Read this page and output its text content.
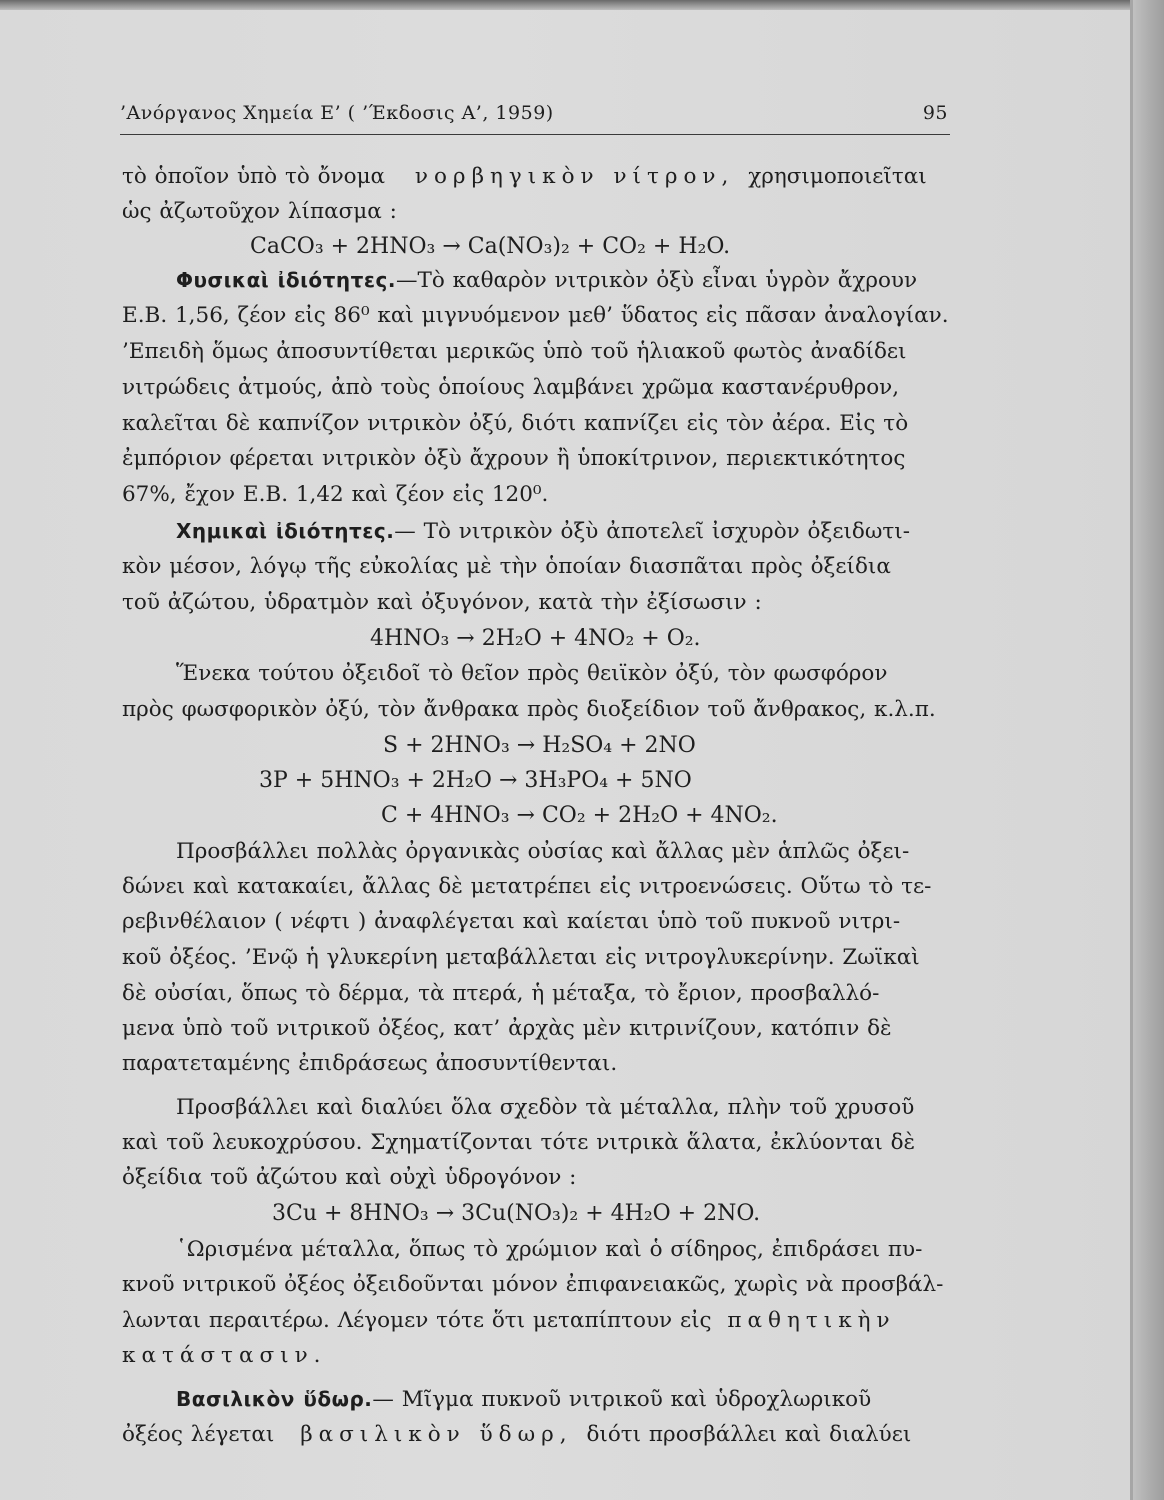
’Ανόργανος Χημεία Ε’ ( ’Έκδοσις Α’, 1959)	95
τὸ ὁποῖον ὑπὸ τὸ ὄνομα νορβηγικὸν νίτρον, χρησιμοποιεῖται
ὡς ἀζωτοῦχον λίπασμα :
CaCO₃ + 2HNO₃ → Ca(NO₃)₂ + CO₂ + H₂O.
Φυσικαὶ ἰδιότητες.—Τὸ καθαρὸν νιτρικὸν ὀξὺ εἶναι ὑγρὸν ἄχρουν
Ε.Β. 1,56, ζέον εἰς 86⁰ καὶ μιγνυόμενον μεθ’ ὕδατος εἰς πᾶσαν ἀναλογίαν.
’Επειδὴ ὅμως ἀποσυντίθεται μερικῶς ὑπὸ τοῦ ἡλιακοῦ φωτὸς ἀναδίδει
νιτρώδεις ἀτμούς, ἀπὸ τοὺς ὁποίους λαμβάνει χρῶμα καστανέρυθρον,
καλεῖται δὲ καπνίζον νιτρικὸν ὀξύ, διότι καπνίζει εἰς τὸν ἀέρα. Εἰς τὸ
ἐμπόριον φέρεται νιτρικὸν ὀξὺ ἄχρουν ἢ ὑποκίτρινον, περιεκτικότητος
67%, ἔχον Ε.Β. 1,42 καὶ ζέον εἰς 120⁰.
Χημικαὶ ἰδιότητες.— Τὸ νιτρικὸν ὀξὺ ἀποτελεῖ ἰσχυρὸν ὀξειδωτι-
κὸν μέσον, λόγῳ τῆς εὐκολίας μὲ τὴν ὁποίαν διασπᾶται πρὸς ὀξείδια
τοῦ ἀζώτου, ὑδρατμὸν καὶ ὀξυγόνον, κατὰ τὴν ἐξίσωσιν :
4HNO₃ → 2H₂O + 4NO₂ + O₂.
Ἕνεκα τούτου ὀξειδοῖ τὸ θεῖον πρὸς θειϊκὸν ὀξύ, τὸν φωσφόρον
πρὸς φωσφορικὸν ὀξύ, τὸν ἄνθρακα πρὸς διοξείδιον τοῦ ἄνθρακος, κ.λ.π.
S + 2HNO₃ → H₂SO₄ + 2NO
3P + 5HNO₃ + 2H₂O → 3H₃PO₄ + 5NO
C + 4HNO₃ → CO₂ + 2H₂O + 4NO₂.
Προσβάλλει πολλὰς ὀργανικὰς οὐσίας καὶ ἄλλας μὲν ἁπλῶς ὀξει-
δώνει καὶ κατακαίει, ἄλλας δὲ μετατρέπει εἰς νιτροενώσεις. Οὕτω τὸ τε-
ρεβινθέλαιον ( νέφτι ) ἀναφλέγεται καὶ καίεται ὑπὸ τοῦ πυκνοῦ νιτρι-
κοῦ ὀξέος. ’Ενῷ ἡ γλυκερίνη μεταβάλλεται εἰς νιτρογλυκερίνην. Ζωϊκαὶ
δὲ οὐσίαι, ὅπως τὸ δέρμα, τὰ πτερά, ἡ μέταξα, τὸ ἔριον, προσβαλλό-
μενα ὑπὸ τοῦ νιτρικοῦ ὀξέος, κατ’ ἀρχὰς μὲν κιτρινίζουν, κατόπιν δὲ
παρατεταμένης ἐπιδράσεως ἀποσυντίθενται.
Προσβάλλει καὶ διαλύει ὅλα σχεδὸν τὰ μέταλλα, πλὴν τοῦ χρυσοῦ
καὶ τοῦ λευκοχρύσου. Σχηματίζονται τότε νιτρικὰ ἅλατα, ἐκλύονται δὲ
ὀξείδια τοῦ ἀζώτου καὶ οὐχὶ ὑδρογόνον :
3Cu + 8HNO₃ → 3Cu(NO₃)₂ + 4H₂O + 2NO.
῾Ωρισμένα μέταλλα, ὅπως τὸ χρώμιον καὶ ὁ σίδηρος, ἐπιδράσει πυ-
κνοῦ νιτρικοῦ ὀξέος ὀξειδοῦνται μόνον ἐπιφανειακῶς, χωρὶς νὰ προσβάλ-
λωνται περαιτέρω. Λέγομεν τότε ὅτι μεταπίπτουν εἰς παθητικὴν
κατάστασιν.
Βασιλικὸν ὕδωρ.— Μῖγμα πυκνοῦ νιτρικοῦ καὶ ὑδροχλωρικοῦ
ὀξέος λέγεται βασιλικὸν ὕδωρ, διότι προσβάλλει καὶ διαλύει
